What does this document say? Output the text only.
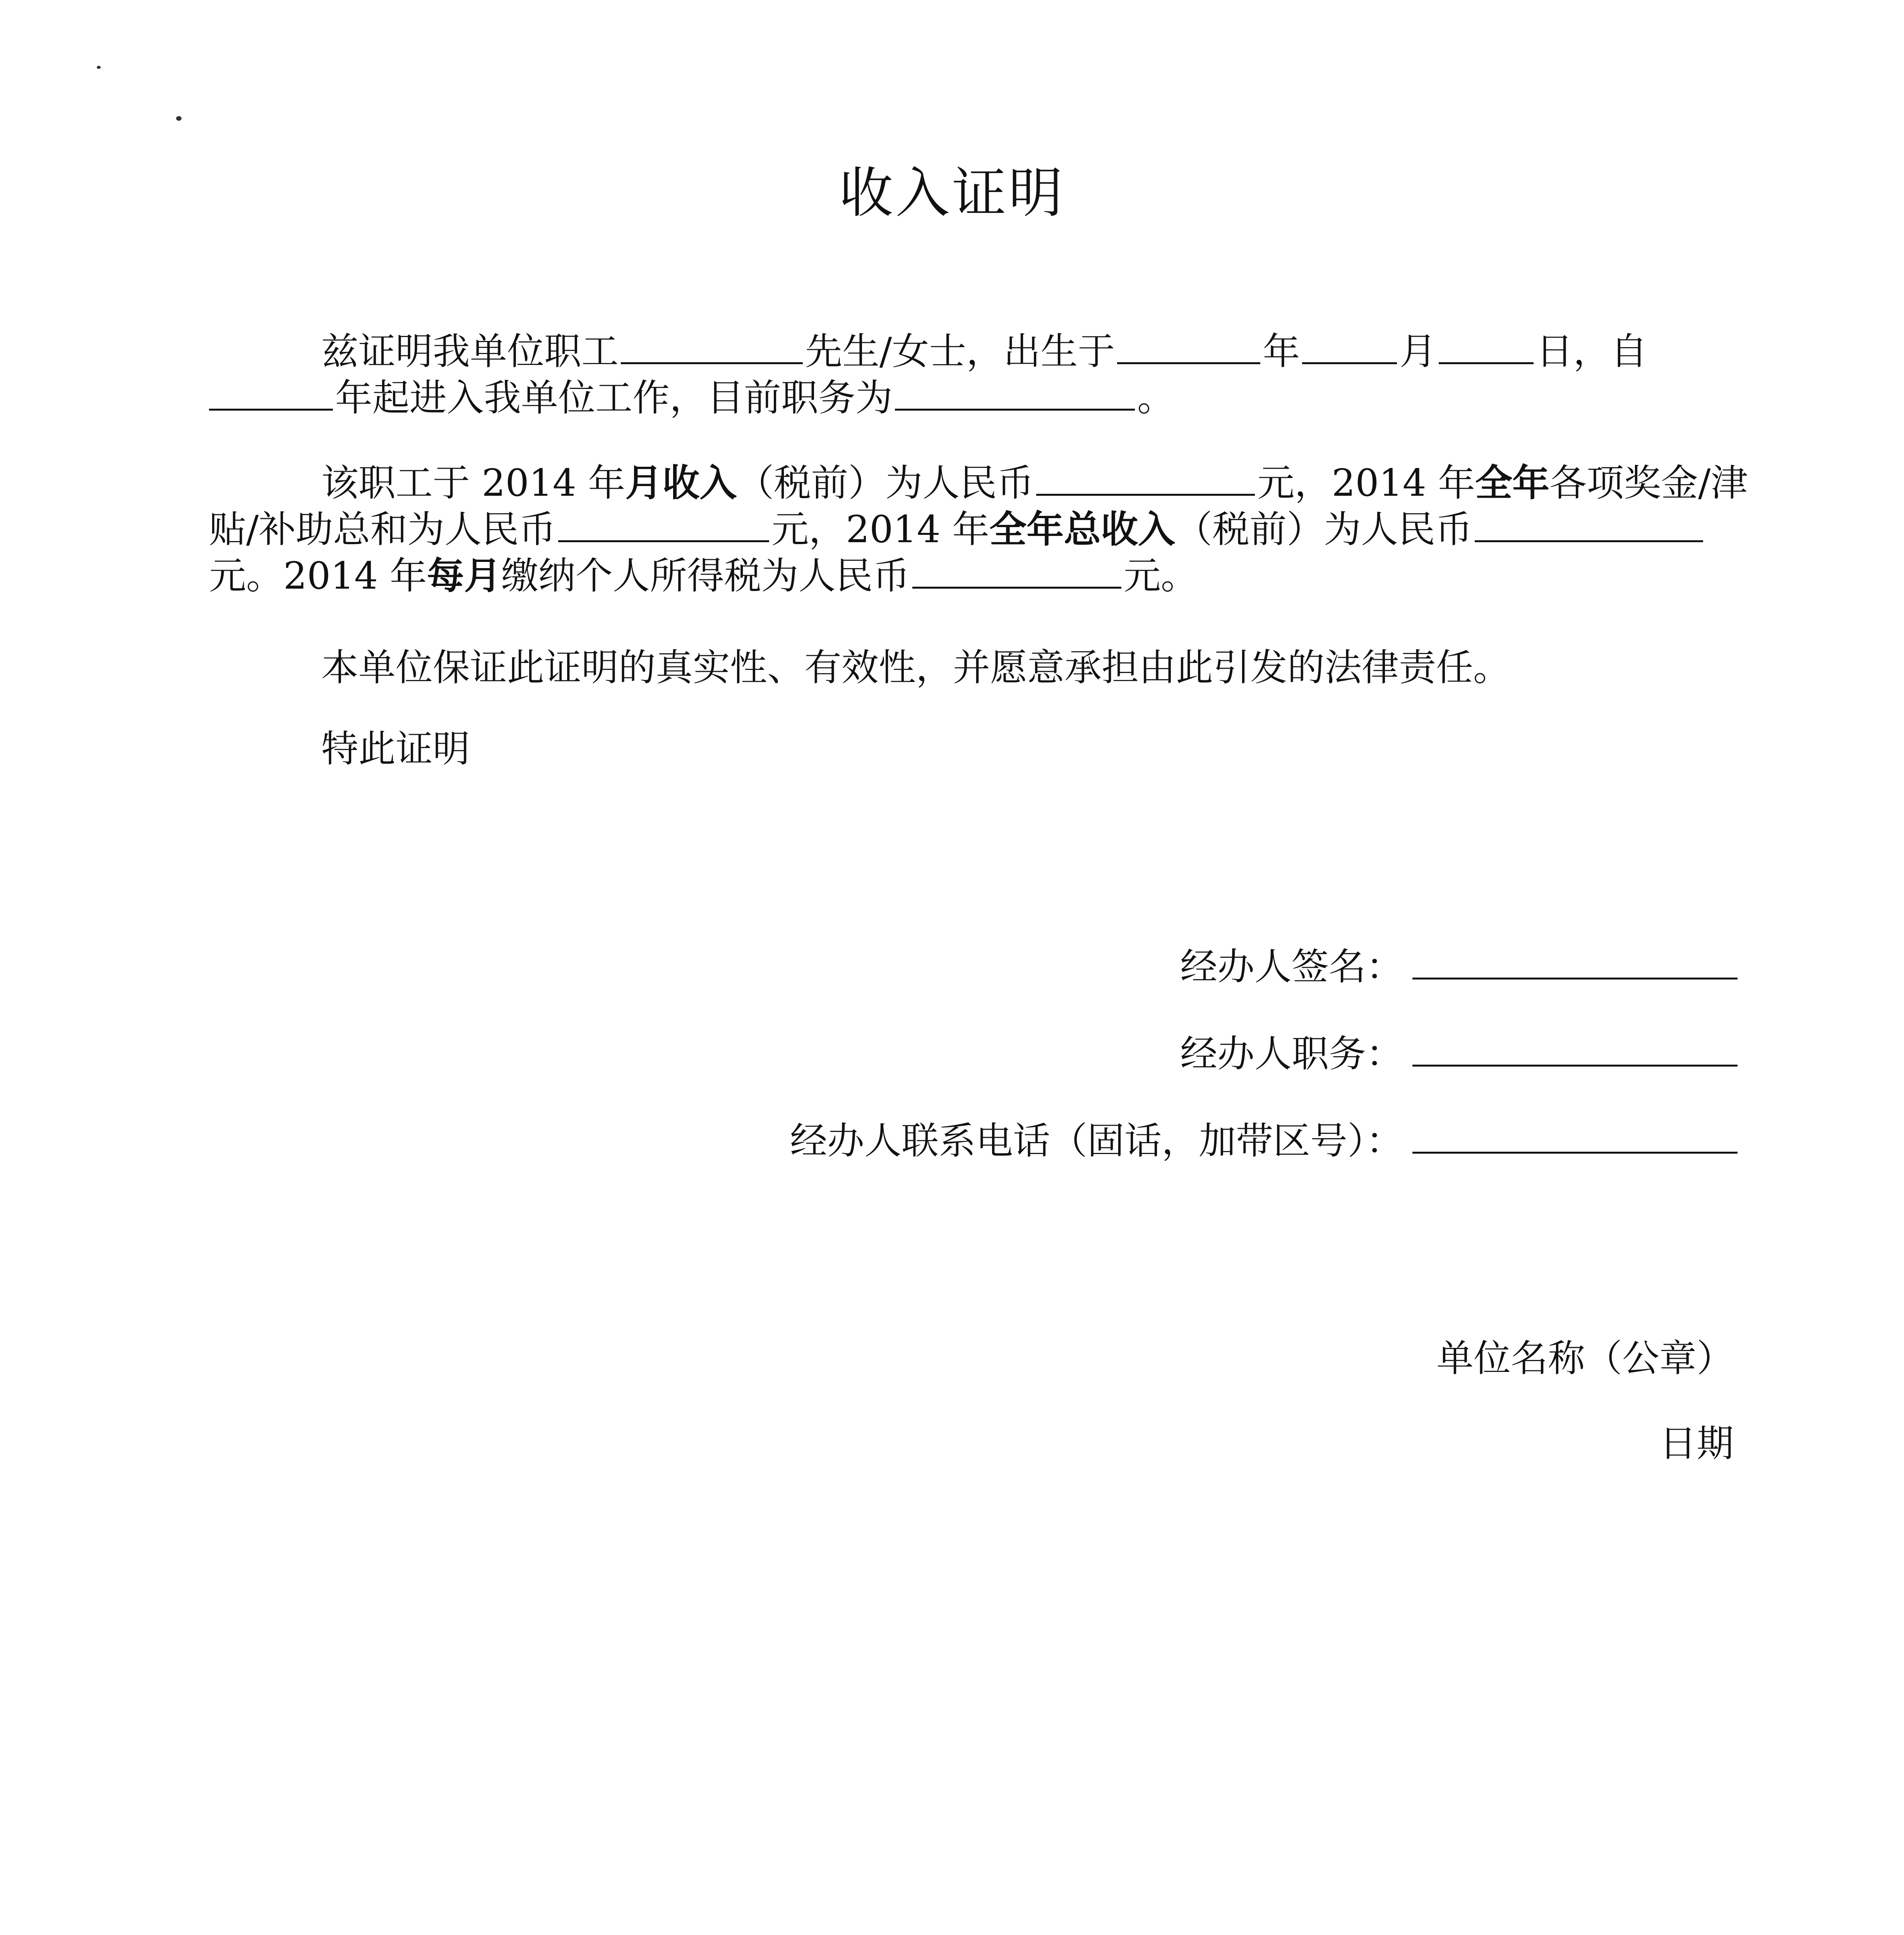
收入证明
兹证明我单位职工	先生/女士，出生于	年	月	日，自
年起进入我单位工作，目前职务为	。
该职工于 2014 年月收入（税前）为人民币	元，2014 年全年各项奖金/津
贴/补助总和为人民币	元，2014 年全年总收入（税前）为人民币
元。2014 年每月缴纳个人所得税为人民币	元。
本单位保证此证明的真实性、有效性，并愿意承担由此引发的法律责任。
特此证明
经办人签名：
经办人职务：
经办人联系电话（固话，加带区号）：
单位名称（公章）
日期
